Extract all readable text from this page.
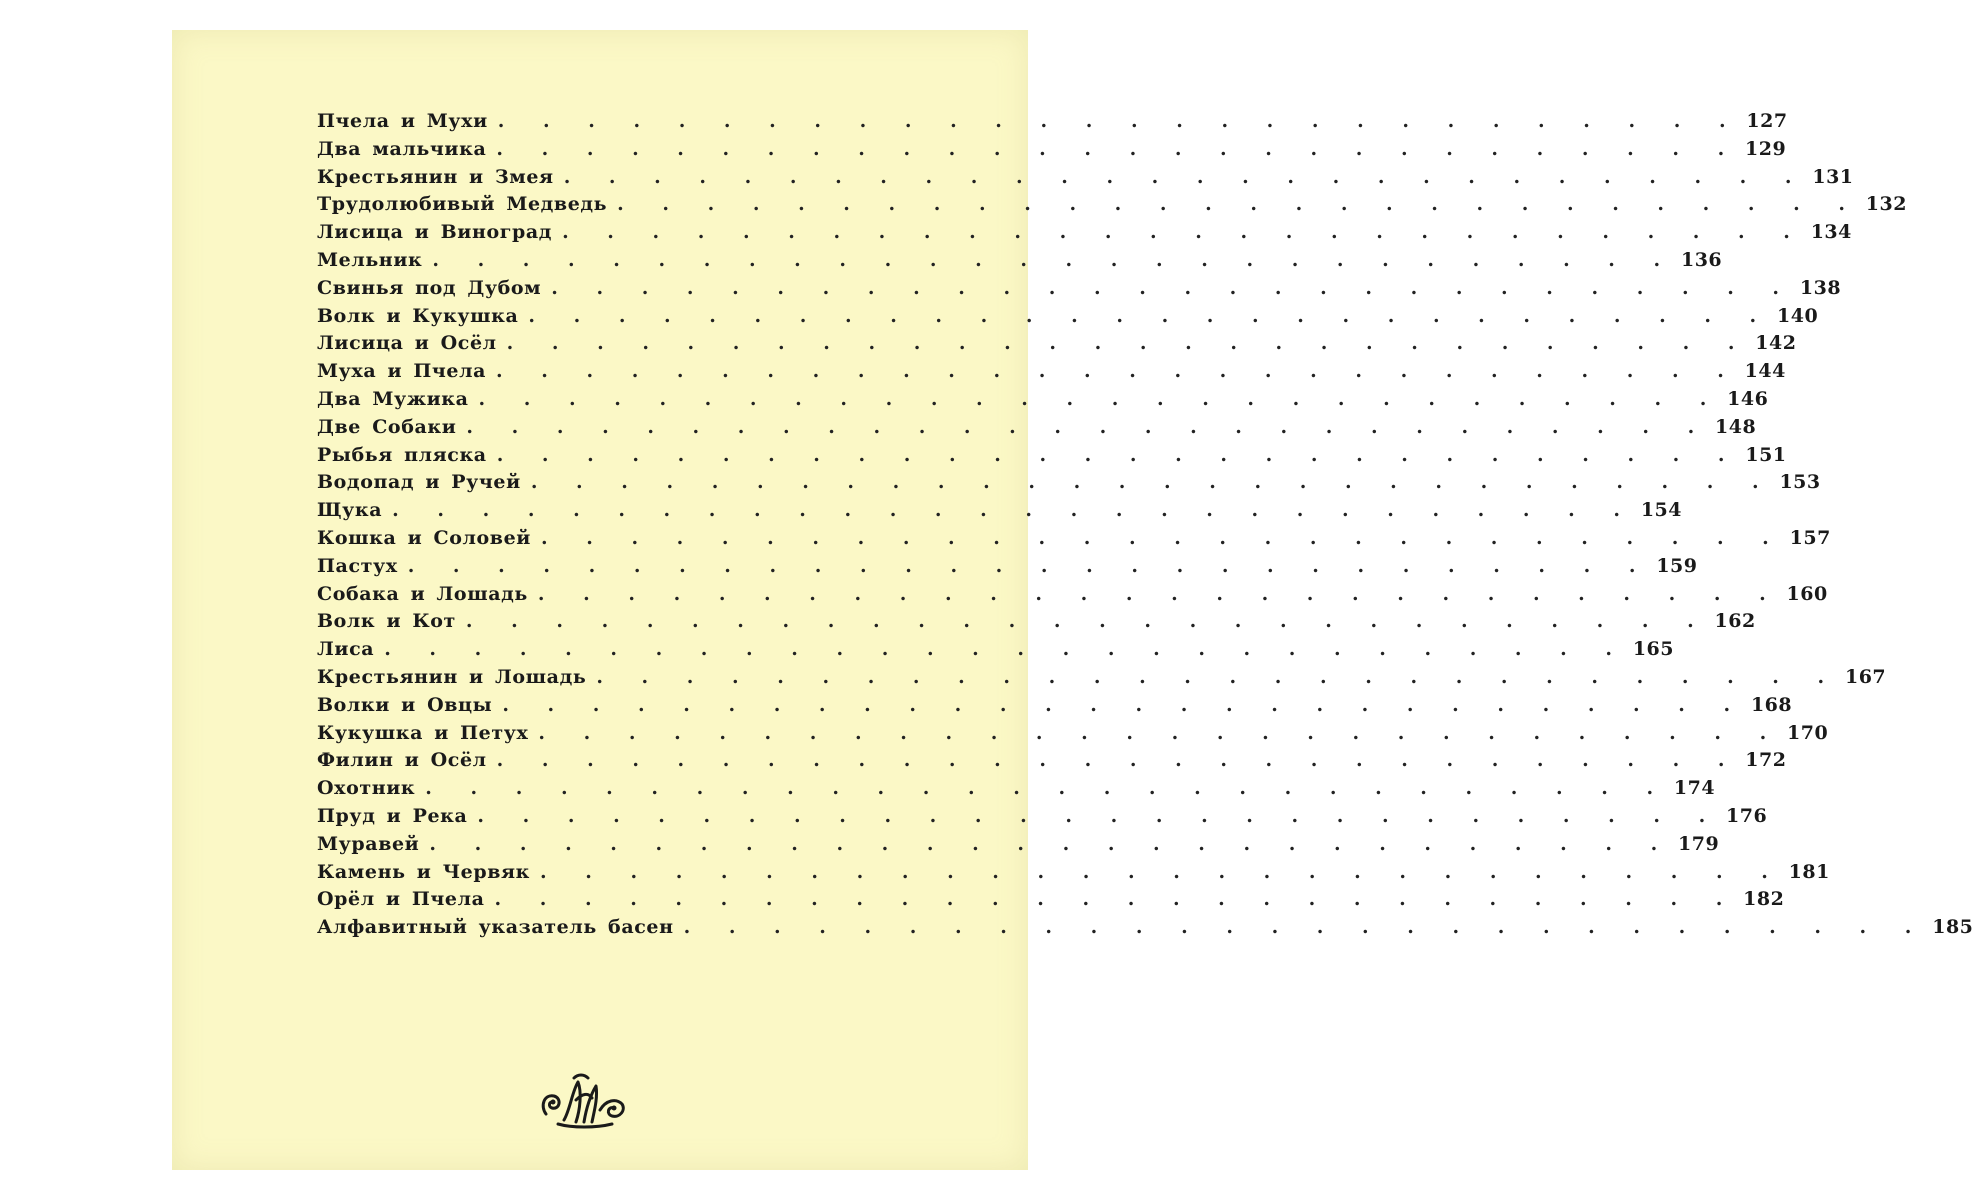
Пчела и Мухи . . . . . . . . . . . . . . . . . . . . . . . . . . . . 127
Два мальчика . . . . . . . . . . . . . . . . . . . . . . . . . . . . 129
Крестьянин и Змея . . . . . . . . . . . . . . . . . . . . . . . . . . . . 131
Трудолюбивый Медведь . . . . . . . . . . . . . . . . . . . . . . . . . . . . 132
Лисица и Виноград . . . . . . . . . . . . . . . . . . . . . . . . . . . . 134
Мельник . . . . . . . . . . . . . . . . . . . . . . . . . . . . 136
Свинья под Дубом . . . . . . . . . . . . . . . . . . . . . . . . . . . . 138
Волк и Кукушка . . . . . . . . . . . . . . . . . . . . . . . . . . . . 140
Лисица и Осёл . . . . . . . . . . . . . . . . . . . . . . . . . . . . 142
Муха и Пчела . . . . . . . . . . . . . . . . . . . . . . . . . . . . 144
Два Мужика . . . . . . . . . . . . . . . . . . . . . . . . . . . . 146
Две Собаки . . . . . . . . . . . . . . . . . . . . . . . . . . . . 148
Рыбья пляска . . . . . . . . . . . . . . . . . . . . . . . . . . . . 151
Водопад и Ручей . . . . . . . . . . . . . . . . . . . . . . . . . . . . 153
Щука . . . . . . . . . . . . . . . . . . . . . . . . . . . . 154
Кошка и Соловей . . . . . . . . . . . . . . . . . . . . . . . . . . . . 157
Пастух . . . . . . . . . . . . . . . . . . . . . . . . . . . . 159
Собака и Лошадь . . . . . . . . . . . . . . . . . . . . . . . . . . . . 160
Волк и Кот . . . . . . . . . . . . . . . . . . . . . . . . . . . . 162
Лиса . . . . . . . . . . . . . . . . . . . . . . . . . . . . 165
Крестьянин и Лошадь . . . . . . . . . . . . . . . . . . . . . . . . . . . . 167
Волки и Овцы . . . . . . . . . . . . . . . . . . . . . . . . . . . . 168
Кукушка и Петух . . . . . . . . . . . . . . . . . . . . . . . . . . . . 170
Филин и Осёл . . . . . . . . . . . . . . . . . . . . . . . . . . . . 172
Охотник . . . . . . . . . . . . . . . . . . . . . . . . . . . . 174
Пруд и Река . . . . . . . . . . . . . . . . . . . . . . . . . . . . 176
Муравей . . . . . . . . . . . . . . . . . . . . . . . . . . . . 179
Камень и Червяк . . . . . . . . . . . . . . . . . . . . . . . . . . . . 181
Орёл и Пчела . . . . . . . . . . . . . . . . . . . . . . . . . . . . 182
Алфавитный указатель басен . . . . . . . . . . . . . . . . . . . . . . . . . . . . 185
